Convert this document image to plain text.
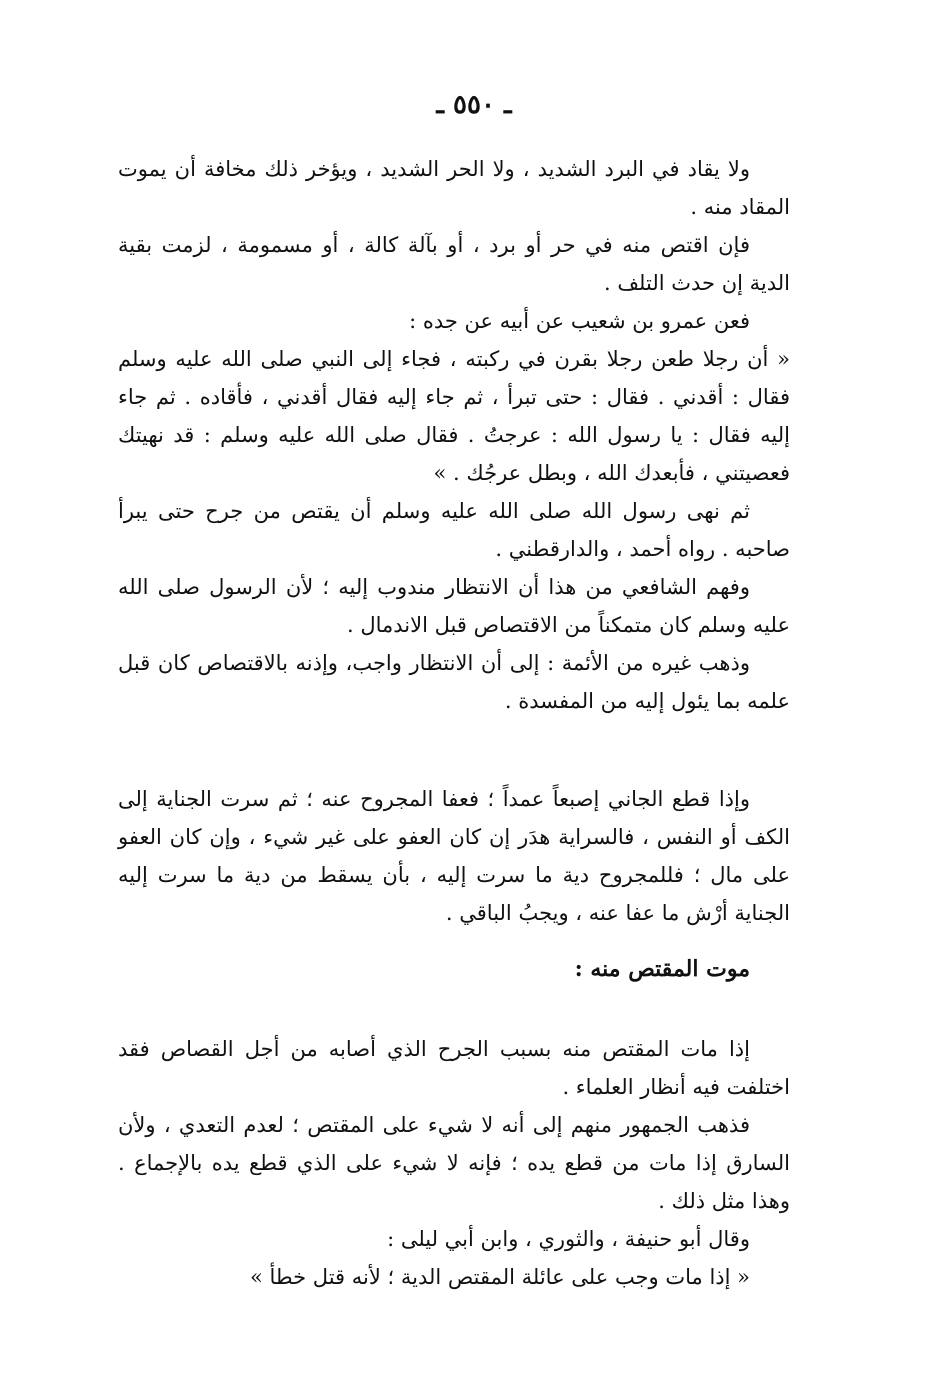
ـ ٥٥٠ ـ

ولا يقاد في البرد الشديد ، ولا الحر الشديد ، ويؤخر ذلك مخافة أن يموت المقاد منه .

فإن اقتص منه في حر أو برد ، أو بآلة كالة ، أو مسمومة ، لزمت بقية الدية إن حدث التلف .

فعن عمرو بن شعيب عن أبيه عن جده :

« أن رجلا طعن رجلا بقرن في ركبته ، فجاء إلى النبي صلى الله عليه وسلم فقال : أقدني . فقال : حتى تبرأ ، ثم جاء إليه فقال أقدني ، فأقاده . ثم جاء إليه فقال : يا رسول الله : عرجتُ . فقال صلى الله عليه وسلم : قد نهيتك فعصيتني ، فأبعدك الله ، وبطل عرجُك . »

ثم نهى رسول الله صلى الله عليه وسلم أن يقتص من جرح حتى يبرأ صاحبه . رواه أحمد ، والدارقطني .

وفهم الشافعي من هذا أن الانتظار مندوب إليه ؛ لأن الرسول صلى الله عليه وسلم كان متمكناً من الاقتصاص قبل الاندمال .

وذهب غيره من الأئمة : إلى أن الانتظار واجب، وإذنه بالاقتصاص كان قبل علمه بما يئول إليه من المفسدة .

وإذا قطع الجاني إصبعاً عمداً ؛ فعفا المجروح عنه ؛ ثم سرت الجناية إلى الكف أو النفس ، فالسراية هدَر إن كان العفو على غير شيء ، وإن كان العفو على مال ؛ فللمجروح دية ما سرت إليه ، بأن يسقط من دية ما سرت إليه الجناية أرْش ما عفا عنه ، ويجبُ الباقي .

موت المقتص منه :

إذا مات المقتص منه بسبب الجرح الذي أصابه من أجل القصاص فقد اختلفت فيه أنظار العلماء .

فذهب الجمهور منهم إلى أنه لا شيء على المقتص ؛ لعدم التعدي ، ولأن السارق إذا مات من قطع يده ؛ فإنه لا شيء على الذي قطع يده بالإجماع . وهذا مثل ذلك .

وقال أبو حنيفة ، والثوري ، وابن أبي ليلى :

« إذا مات وجب على عائلة المقتص الدية ؛ لأنه قتل خطأ »
